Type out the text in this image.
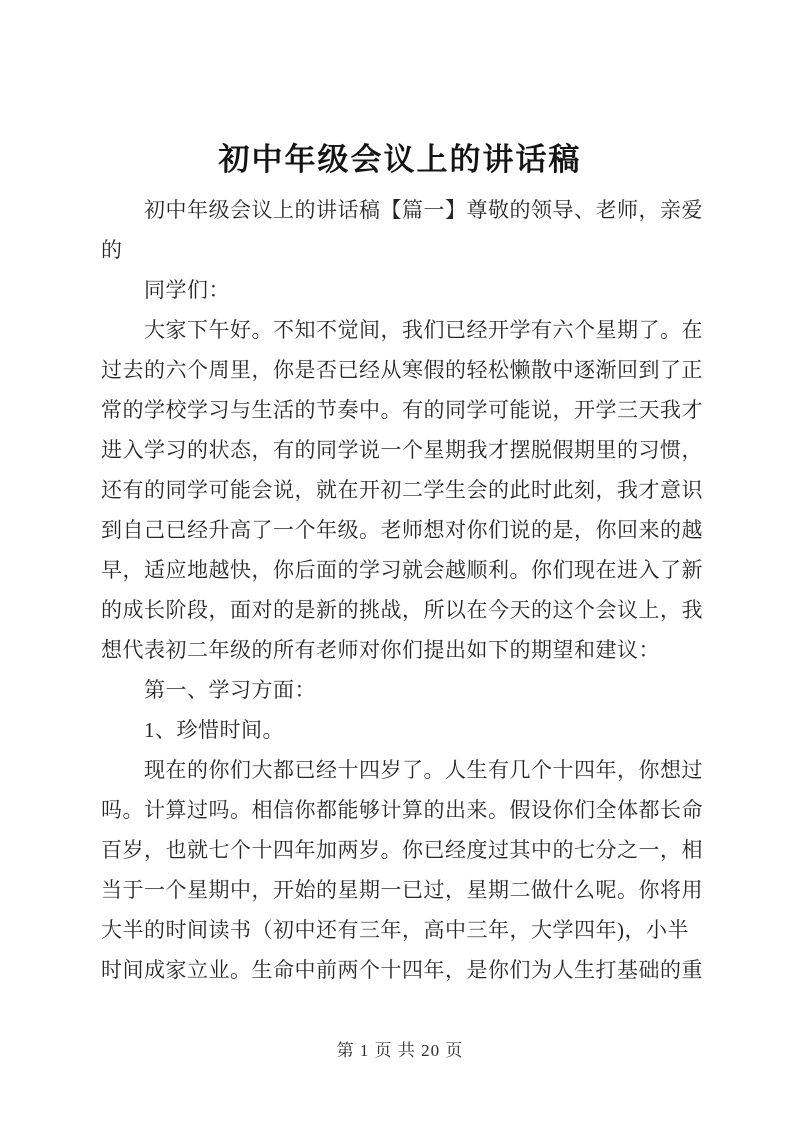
初中年级会议上的讲话稿
初中年级会议上的讲话稿【篇一】尊敬的领导、老师，亲爱
的
同学们：
大家下午好。不知不觉间，我们已经开学有六个星期了。在
过去的六个周里，你是否已经从寒假的轻松懒散中逐渐回到了正
常的学校学习与生活的节奏中。有的同学可能说，开学三天我才
进入学习的状态，有的同学说一个星期我才摆脱假期里的习惯，
还有的同学可能会说，就在开初二学生会的此时此刻，我才意识
到自己已经升高了一个年级。老师想对你们说的是，你回来的越
早，适应地越快，你后面的学习就会越顺利。你们现在进入了新
的成长阶段，面对的是新的挑战，所以在今天的这个会议上，我
想代表初二年级的所有老师对你们提出如下的期望和建议：
第一、学习方面：
1、珍惜时间。
现在的你们大都已经十四岁了。人生有几个十四年，你想过
吗。计算过吗。相信你都能够计算的出来。假设你们全体都长命
百岁，也就七个十四年加两岁。你已经度过其中的七分之一，相
当于一个星期中，开始的星期一已过，星期二做什么呢。你将用
大半的时间读书（初中还有三年，高中三年，大学四年)，小半
时间成家立业。生命中前两个十四年，是你们为人生打基础的重
第 1 页 共 20 页
